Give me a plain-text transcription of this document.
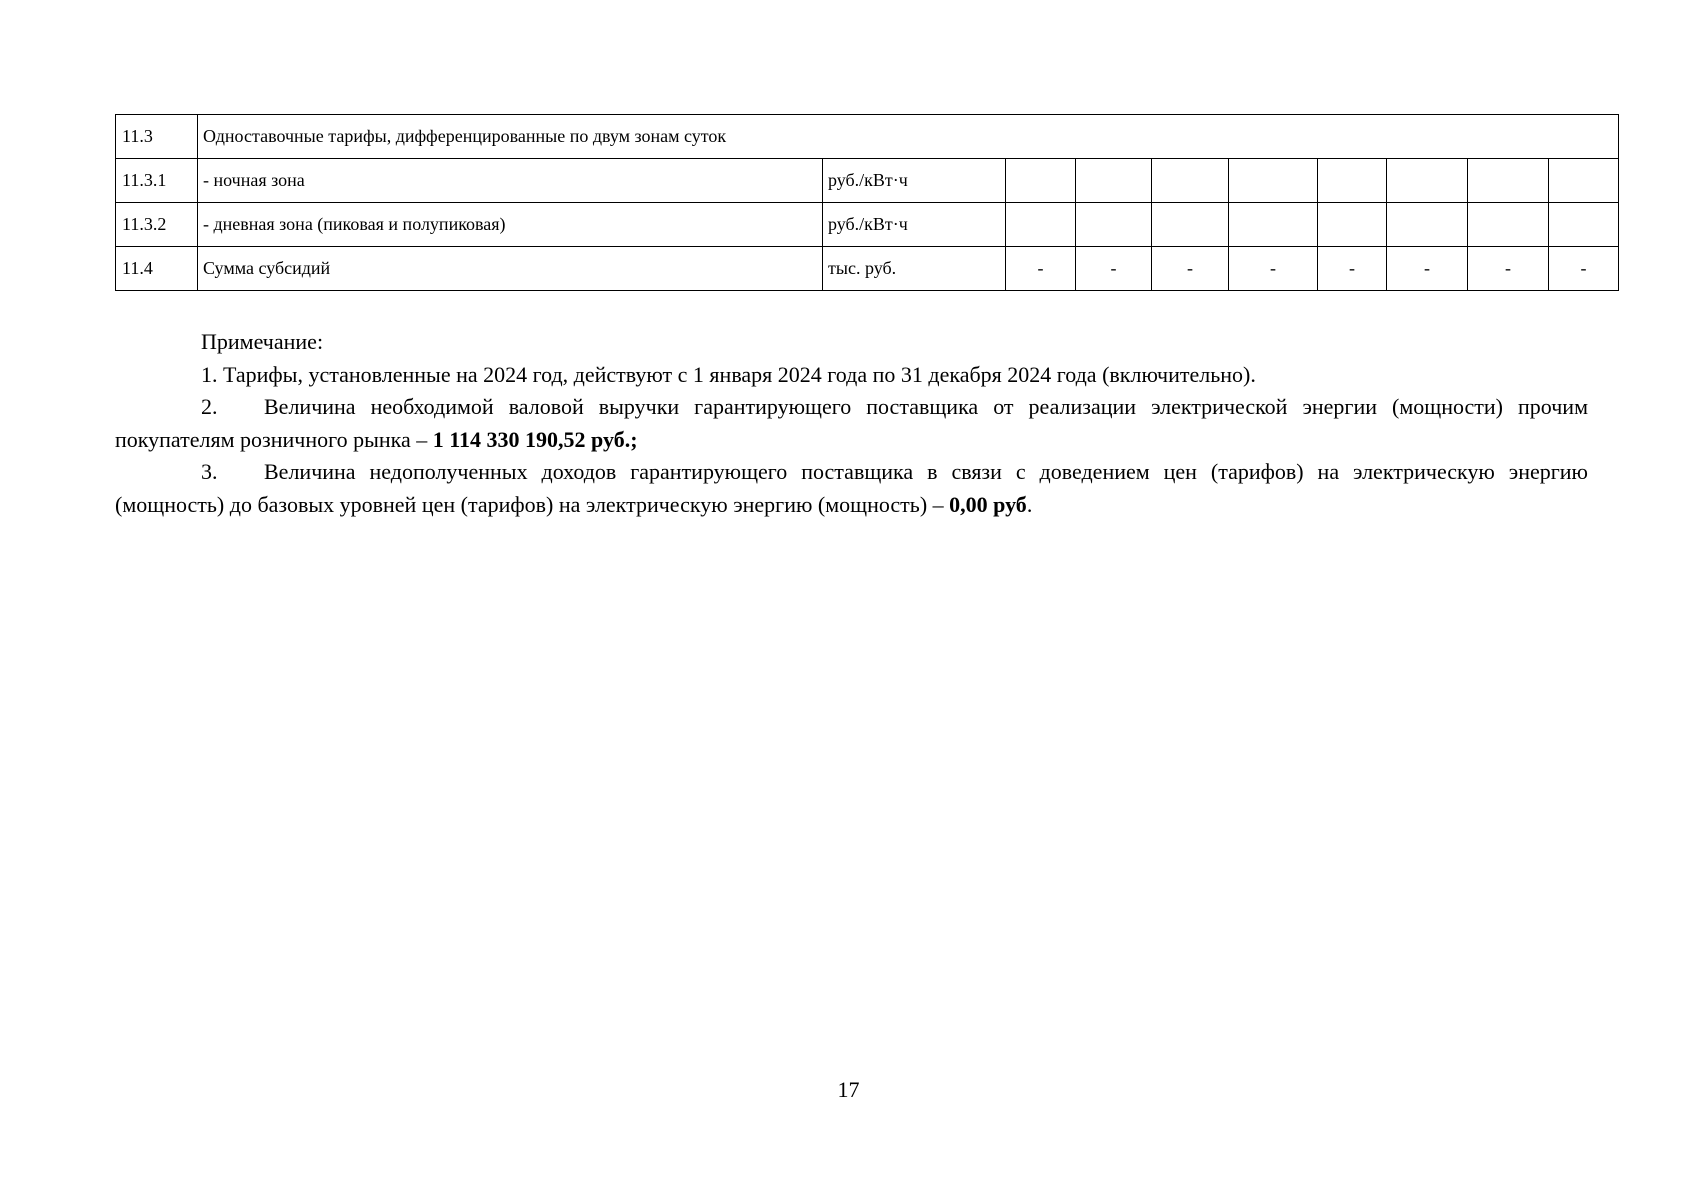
11.3	Одноставочные тарифы, дифференцированные по двум зонам суток									
11.3.1	- ночная зона	руб./кВт·ч								
11.3.2	- дневная зона (пиковая и полупиковая)	руб./кВт·ч								
11.4	Сумма субсидий	тыс. руб.	-	-	-	-	-	-	-	-

Примечание:

1. Тарифы, установленные на 2024 год, действуют с 1 января 2024 года по 31 декабря 2024 года (включительно).

2. Величина необходимой валовой выручки гарантирующего поставщика от реализации электрической энергии (мощности) прочим покупателям розничного рынка – 1 114 330 190,52 руб.;

3. Величина недополученных доходов гарантирующего поставщика в связи с доведением цен (тарифов) на электрическую энергию (мощность) до базовых уровней цен (тарифов) на электрическую энергию (мощность) – 0,00 руб.

17
